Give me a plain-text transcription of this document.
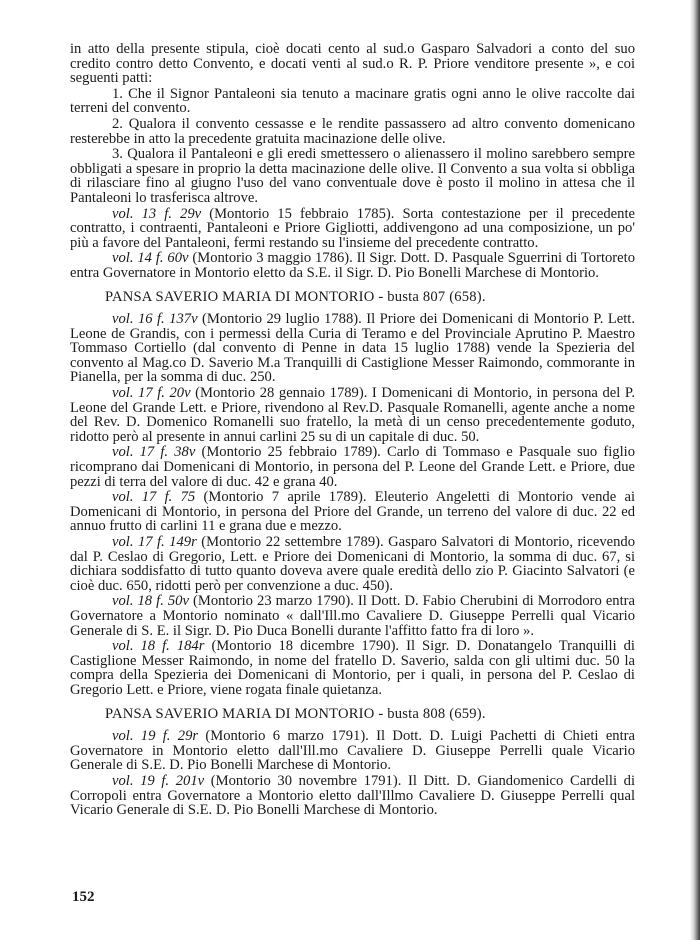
in atto della presente stipula, cioè docati cento al sud.o Gasparo Salvadori a conto del suo credito contro detto Convento, e docati venti al sud.o R. P. Priore venditore presente », e coi seguenti patti:

1. Che il Signor Pantaleoni sia tenuto a macinare gratis ogni anno le olive raccolte dai terreni del convento.

2. Qualora il convento cessasse e le rendite passassero ad altro convento domenicano resterebbe in atto la precedente gratuita macinazione delle olive.

3. Qualora il Pantaleoni e gli eredi smettessero o alienassero il molino sarebbero sempre obbligati a spesare in proprio la detta macinazione delle olive. Il Convento a sua volta si obbliga di rilasciare fino al giugno l'uso del vano conventuale dove è posto il molino in attesa che il Pantaleoni lo trasferisca altrove.

vol. 13 f. 29v (Montorio 15 febbraio 1785). Sorta contestazione per il precedente contratto, i contraenti, Pantaleoni e Priore Gigliotti, addivengono ad una composizione, un po' più a favore del Pantaleoni, fermi restando su l'insieme del precedente contratto.

vol. 14 f. 60v (Montorio 3 maggio 1786). Il Sigr. Dott. D. Pasquale Sguerrini di Tortoreto entra Governatore in Montorio eletto da S.E. il Sigr. D. Pio Bonelli Marchese di Montorio.

PANSA SAVERIO MARIA DI MONTORIO - busta 807 (658).

vol. 16 f. 137v (Montorio 29 luglio 1788). Il Priore dei Domenicani di Montorio P. Lett. Leone de Grandis, con i permessi della Curia di Teramo e del Provinciale Aprutino P. Maestro Tommaso Cortiello (dal convento di Penne in data 15 luglio 1788) vende la Spezieria del convento al Mag.co D. Saverio M.a Tranquilli di Castiglione Messer Raimondo, commorante in Pianella, per la somma di duc. 250.

vol. 17 f. 20v (Montorio 28 gennaio 1789). I Domenicani di Montorio, in persona del P. Leone del Grande Lett. e Priore, rivendono al Rev.D. Pasquale Romanelli, agente anche a nome del Rev. D. Domenico Romanelli suo fratello, la metà di un censo precedentemente goduto, ridotto però al presente in annui carlini 25 su di un capitale di duc. 50.

vol. 17 f. 38v (Montorio 25 febbraio 1789). Carlo di Tommaso e Pasquale suo figlio ricomprano dai Domenicani di Montorio, in persona del P. Leone del Grande Lett. e Priore, due pezzi di terra del valore di duc. 42 e grana 40.

vol. 17 f. 75 (Montorio 7 aprile 1789). Eleuterio Angeletti di Montorio vende ai Domenicani di Montorio, in persona del Priore del Grande, un terreno del valore di duc. 22 ed annuo frutto di carlini 11 e grana due e mezzo.

vol. 17 f. 149r (Montorio 22 settembre 1789). Gasparo Salvatori di Montorio, ricevendo dal P. Ceslao di Gregorio, Lett. e Priore dei Domenicani di Montorio, la somma di duc. 67, si dichiara soddisfatto di tutto quanto doveva avere quale eredità dello zio P. Giacinto Salvatori (e cioè duc. 650, ridotti però per convenzione a duc. 450).

vol. 18 f. 50v (Montorio 23 marzo 1790). Il Dott. D. Fabio Cherubini di Morrodoro entra Governatore a Montorio nominato « dall'Ill.mo Cavaliere D. Giuseppe Perrelli qual Vicario Generale di S. E. il Sigr. D. Pio Duca Bonelli durante l'affitto fatto fra di loro ».

vol. 18 f. 184r (Montorio 18 dicembre 1790). Il Sigr. D. Donatangelo Tranquilli di Castiglione Messer Raimondo, in nome del fratello D. Saverio, salda con gli ultimi duc. 50 la compra della Spezieria dei Domenicani di Montorio, per i quali, in persona del P. Ceslao di Gregorio Lett. e Priore, viene rogata finale quietanza.

PANSA SAVERIO MARIA DI MONTORIO - busta 808 (659).

vol. 19 f. 29r (Montorio 6 marzo 1791). Il Dott. D. Luigi Pachetti di Chieti entra Governatore in Montorio eletto dall'Ill.mo Cavaliere D. Giuseppe Perrelli quale Vicario Generale di S.E. D. Pio Bonelli Marchese di Montorio.

vol. 19 f. 201v (Montorio 30 novembre 1791). Il Ditt. D. Giandomenico Cardelli di Corropoli entra Governatore a Montorio eletto dall'Illmo Cavaliere D. Giuseppe Perrelli qual Vicario Generale di S.E. D. Pio Bonelli Marchese di Montorio.

152
